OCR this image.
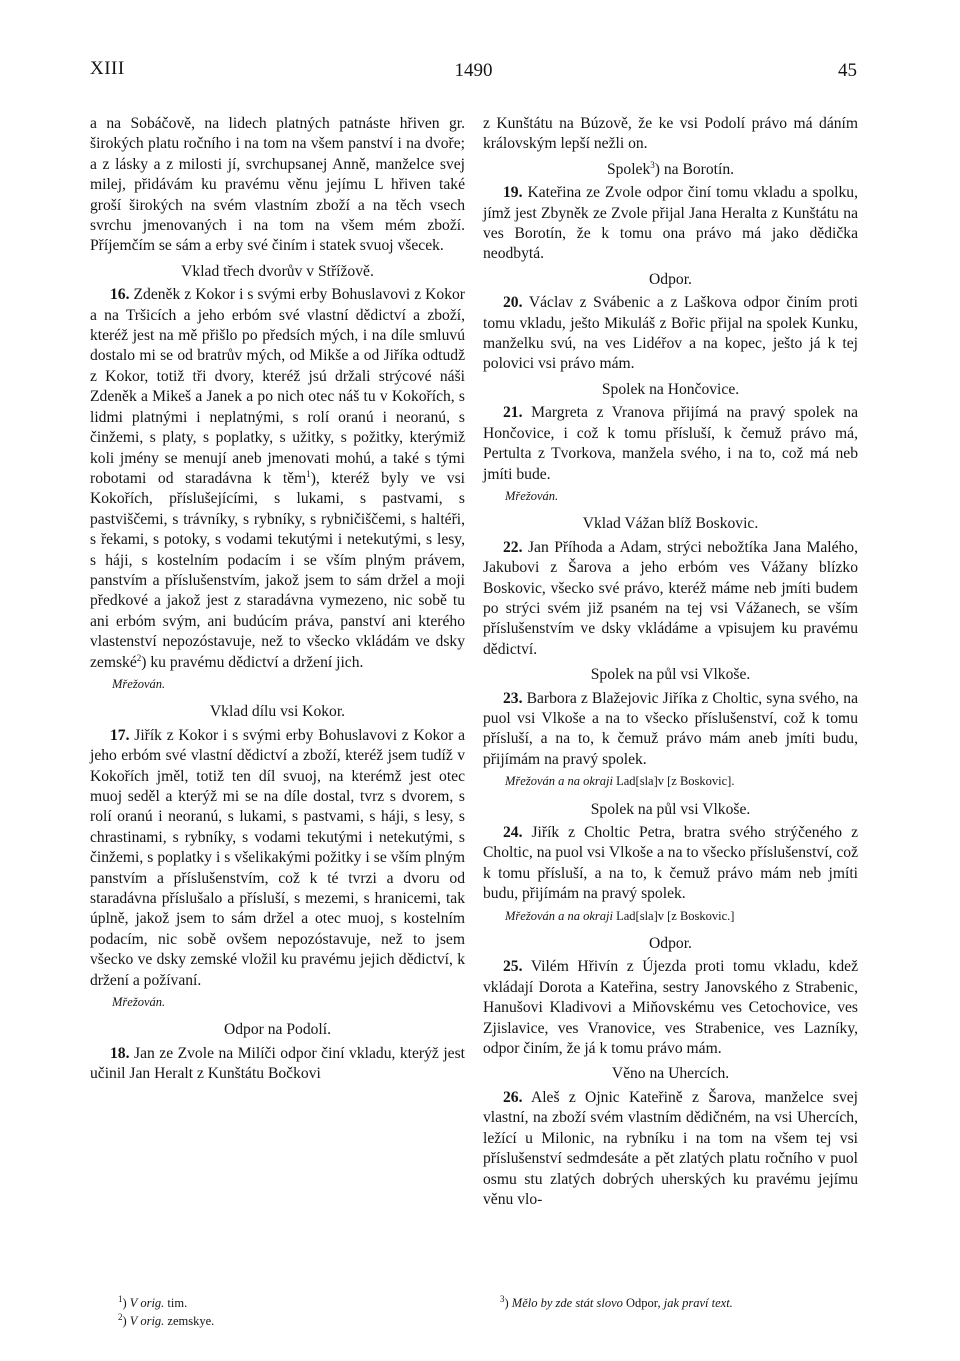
XIII	1490	45

a na Sobáčově, na lidech platných patnáste hřiven gr. širokých platu ročního i na tom na všem panství i na dvoře; a z lásky a z milosti jí, svrchupsanej Anně, manželce svej milej, přidávám ku pravému věnu jejímu L hřiven také groší širokých na svém vlastním zboží a na těch vsech svrchu jmenovaných i na tom na všem mém zboží. Příjemčím se sám a erby své činím i statek svuoj všecek.

Vklad třech dvorův v Střížově.

16. Zdeněk z Kokor i s svými erby Bohuslavovi z Kokor a na Tršicích a jeho erbóm své vlastní dědictví a zboží, kteréž jest na mě přišlo po předsích mých, i na díle smluvú dostalo mi se od bratrův mých, od Mikše a od Jiříka odtudž z Kokor, totiž tři dvory, kteréž jsú držali strýcové náši Zdeněk a Mikeš a Janek a po nich otec náš tu v Kokořích, s lidmi platnými i neplatnými, s rolí oranú i neoranú, s činžemi, s platy, s poplatky, s užitky, s požitky, kterýmiž koli jmény se menují aneb jmenovati mohú, a také s tými robotami od staradávna k těm$^1$), kteréž byly ve vsi Kokořích, příslušejícími, s lukami, s pastvami, s pastviščemi, s trávníky, s rybníky, s rybničiščemi, s haltéři, s řekami, s potoky, s vodami tekutými i netekutými, s lesy, s háji, s kostelním podacím i se vším plným právem, panstvím a příslušenstvím, jakož jsem to sám držel a moji předkové a jakož jest z staradávna vymezeno, nic sobě tu ani erbóm svým, ani budúcím práva, panství ani kterého vlastenství nepozóstavuje, než to všecko vkládám ve dsky zemské$^2$) ku pravému dědictví a držení jich.

Mřežován.
Vklad dílu vsi Kokor.

17. Jiřík z Kokor i s svými erby Bohuslavovi z Kokor a jeho erbóm své vlastní dědictví a zboží, kteréž jsem tudíž v Kokořích jměl, totiž ten díl svuoj, na kterémž jest otec muoj seděl a kterýž mi se na díle dostal, tvrz s dvorem, s rolí oranú i neoranú, s lukami, s pastvami, s háji, s lesy, s chrastinami, s rybníky, s vodami tekutými i netekutými, s činžemi, s poplatky i s všelikakými požitky i se vším plným panstvím a příslušenstvím, což k té tvrzi a dvoru od staradávna příslušalo a přísluší, s mezemi, s hranicemi, tak úplně, jakož jsem to sám držel a otec muoj, s kostelním podacím, nic sobě ovšem nepozóstavuje, než to jsem všecko ve dsky zemské vložil ku pravému jejich dědictví, k držení a požívaní.

Mřežován.
Odpor na Podolí.

18. Jan ze Zvole na Milíči odpor činí vkladu, kterýž jest učinil Jan Heralt z Kunštátu Bočkovi

z Kunštátu na Búzově, že ke vsi Podolí právo má dáním královským lepší nežli on.

Spolek$^3$) na Borotín.

19. Kateřina ze Zvole odpor činí tomu vkladu a spolku, jímž jest Zbyněk ze Zvole přijal Jana Heralta z Kunštátu na ves Borotín, že k tomu ona právo má jako dědička neodbytá.

Odpor.

20. Václav z Svábenic a z Laškova odpor činím proti tomu vkladu, ješto Mikuláš z Bořic přijal na spolek Kunku, manželku svú, na ves Lidéřov a na kopec, ješto já k tej polovici vsi právo mám.

Spolek na Hončovice.

21. Margreta z Vranova přijímá na pravý spolek na Hončovice, i což k tomu přísluší, k čemuž právo má, Pertulta z Tvorkova, manžela svého, i na to, což má neb jmíti bude.

Mřežován.
Vklad Vážan blíž Boskovic.

22. Jan Příhoda a Adam, strýci nebožtíka Jana Malého, Jakubovi z Šarova a jeho erbóm ves Vážany blízko Boskovic, všecko své právo, kteréž máme neb jmíti budem po strýci svém již psaném na tej vsi Vážanech, se vším příslušenstvím ve dsky vkládáme a vpisujem ku pravému dědictví.

Spolek na půl vsi Vlkoše.

23. Barbora z Blažejovic Jiříka z Choltic, syna svého, na puol vsi Vlkoše a na to všecko příslušenství, což k tomu přísluší, a na to, k čemuž právo mám aneb jmíti budu, přijímám na pravý spolek.

Mřežován a na okraji Lad[sla]v [z Boskovic].
Spolek na půl vsi Vlkoše.

24. Jiřík z Choltic Petra, bratra svého strýčeného z Choltic, na puol vsi Vlkoše a na to všecko příslušenství, což k tomu přísluší, a na to, k čemuž právo mám neb jmíti budu, přijímám na pravý spolek.

Mřežován a na okraji Lad[sla]v [z Boskovic.]
Odpor.

25. Vilém Hřivín z Újezda proti tomu vkladu, kdež vkládají Dorota a Kateřina, sestry Janovského z Strabenic, Hanušovi Kladivovi a Miňovskému ves Cetochovice, ves Zjislavice, ves Vranovice, ves Strabenice, ves Lazníky, odpor činím, že já k tomu právo mám.

Věno na Uhercích.

26. Aleš z Ojnic Kateřině z Šarova, manželce svej vlastní, na zboží svém vlastním dědičném, na vsi Uhercích, ležící u Milonic, na rybníku i na tom na všem tej vsi příslušenství sedmdesáte a pět zlatých platu ročního v puol osmu stu zlatých dobrých uherských ku pravému jejímu věnu vlo-

$^1$) V orig. tim.
$^2$) V orig. zemskye.
$^3$) Mělo by zde stát slovo Odpor, jak praví text.
